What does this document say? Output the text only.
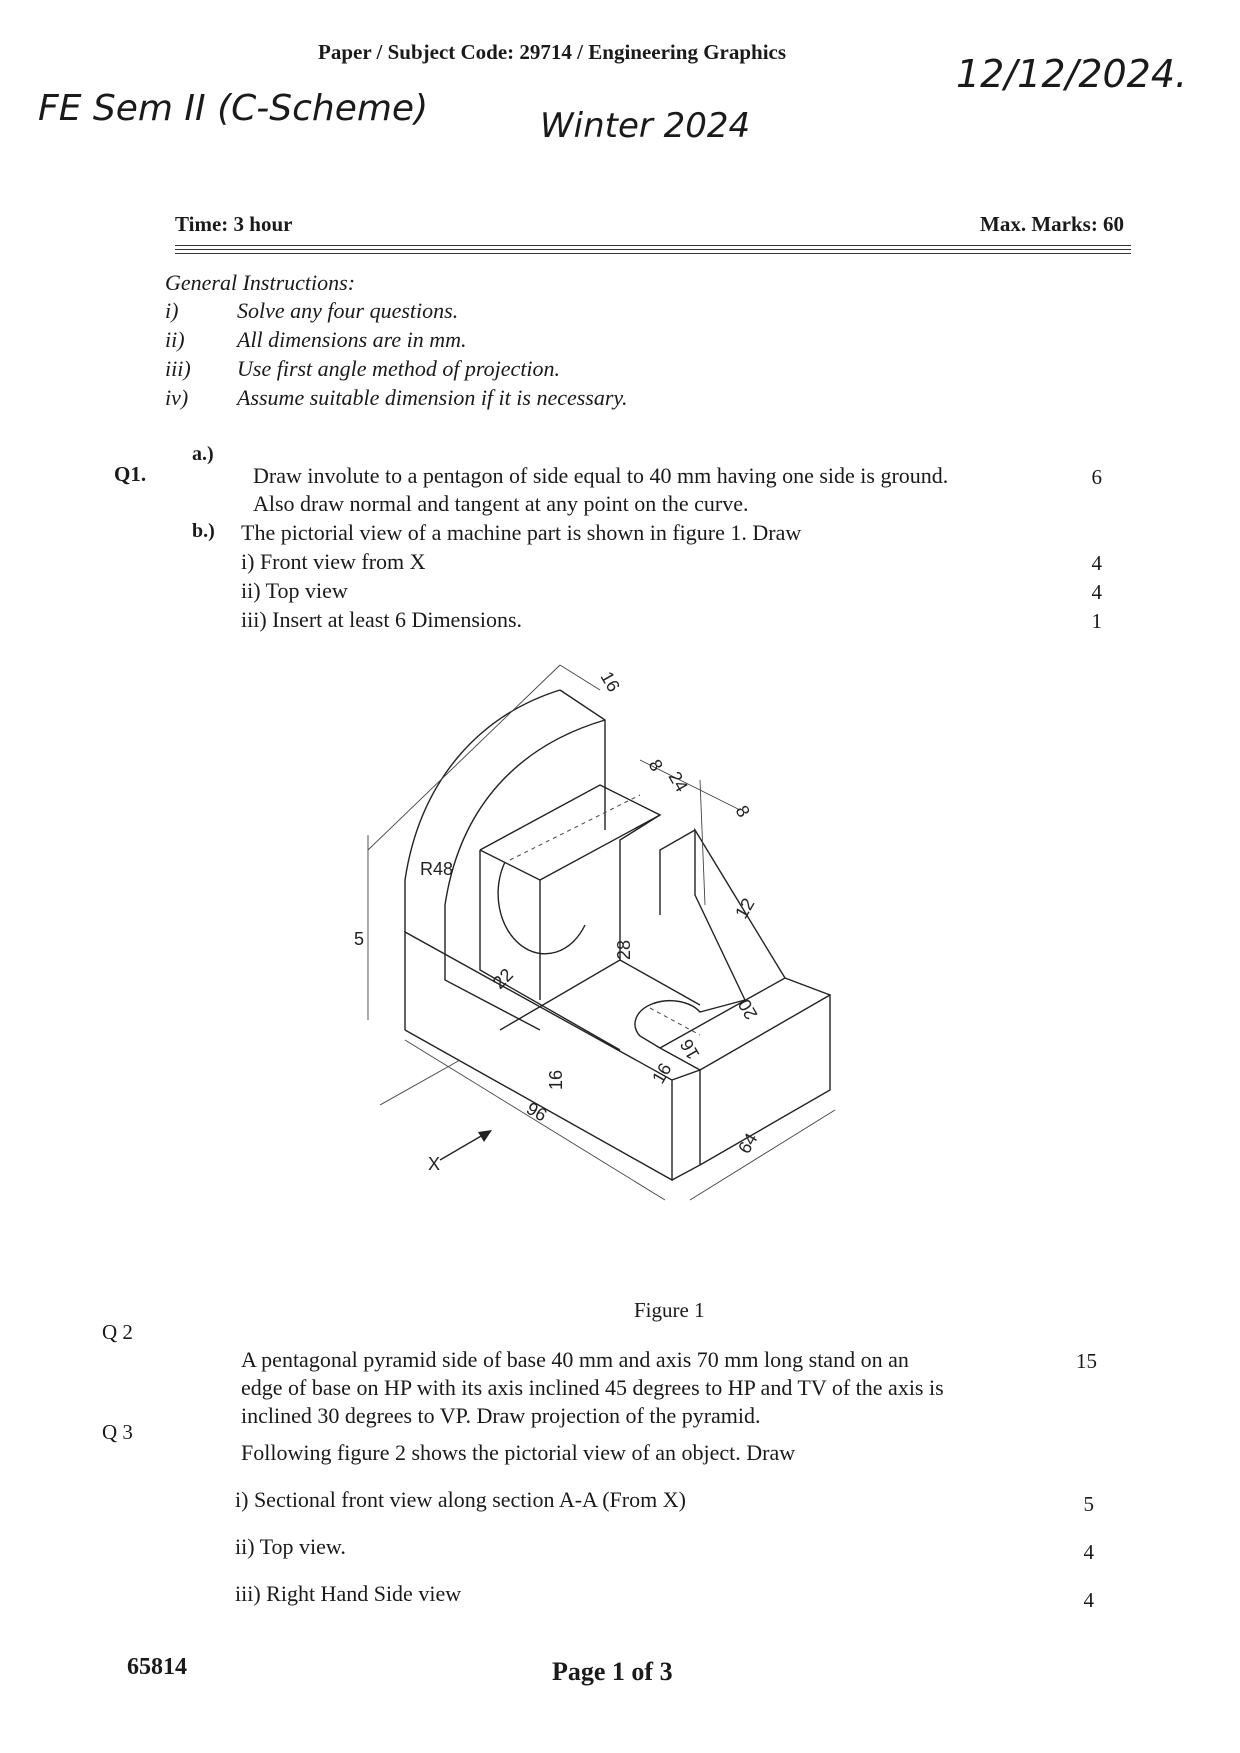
Paper / Subject Code: 29714 / Engineering Graphics	12/12/2024.
FE Sem II (C-Scheme)	Winter 2024
Time: 3 hour	Max. Marks: 60
General Instructions:
i)	Solve any four questions.
ii) All dimensions are in mm.
iii) Use first angle method of projection.
iv) Assume suitable dimension if it is necessary.
Q1.
a.)
Draw involute to a pentagon of side equal to 40 mm having one side is ground.
Also draw normal and tangent at any point on the curve.
6
b.) The pictorial view of a machine part is shown in figure 1. Draw
i) Front view from X	4
ii) Top view	4
iii) Insert at least 6 Dimensions.	1
16
8
24
8
R48
12
28
22
20
16
16
16
96
64
5
X
Figure 1
Q 2
A pentagonal pyramid side of base 40 mm and axis 70 mm long stand on an
edge of base on HP with its axis inclined 45 degrees to HP and TV of the axis is
inclined 30 degrees to VP. Draw projection of the pyramid.
15
Q 3
Following figure 2 shows the pictorial view of an object. Draw
i) Sectional front view along section A-A (From X)	5
ii) Top view.	4
iii) Right Hand Side view	4
65814	Page 1 of 3
